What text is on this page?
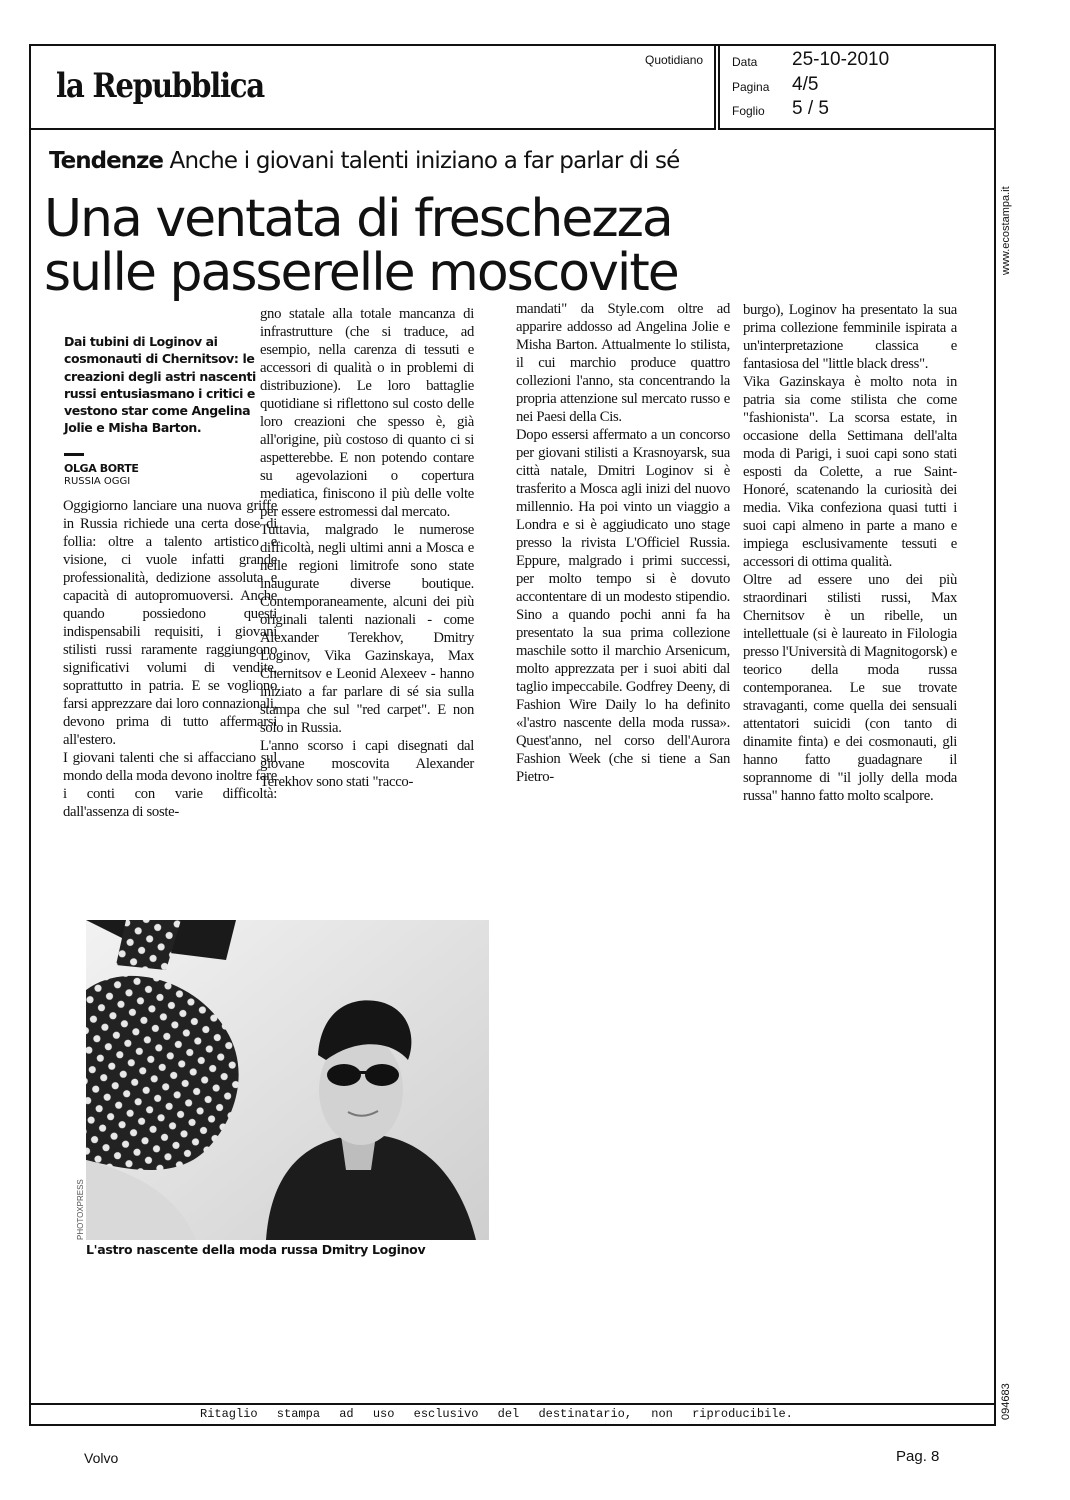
la Repubblica
Quotidiano Data 25-10-2010
Pagina 4/5
Foglio 5 / 5
www.ecostampa.it
094683
Tendenze Anche i giovani talenti iniziano a far parlar di sé
Una ventata di freschezza
sulle passerelle moscovite
Dai tubini di Loginov ai cosmonauti di Chernitsov: le creazioni degli astri nascenti russi entusiasmano i critici e vestono star come Angelina Jolie e Misha Barton.
OLGA BORTE
RUSSIA OGGI

Oggigiorno lanciare una nuova griffe in Russia richiede una certa dose di follia: oltre a talento artistico e visione, ci vuole infatti grande professionalità, dedizione assoluta e capacità di autopromuoversi. Anche quando possiedono questi indispensabili requisiti, i giovani stilisti russi raramente raggiungono significativi volumi di vendite, soprattutto in patria. E se vogliono farsi apprezzare dai loro connazionali, devono prima di tutto affermarsi all'estero.

I giovani talenti che si affacciano sul mondo della moda devono inoltre fare i conti con varie difficoltà: dall'assenza di soste-

gno statale alla totale mancanza di infrastrutture (che si traduce, ad esempio, nella carenza di tessuti e accessori di qualità o in problemi di distribuzione). Le loro battaglie quotidiane si riflettono sul costo delle loro creazioni che spesso è, già all'origine, più costoso di quanto ci si aspetterebbe. E non potendo contare su agevolazioni o copertura mediatica, finiscono il più delle volte per essere estromessi dal mercato.

Tuttavia, malgrado le numerose difficoltà, negli ultimi anni a Mosca e nelle regioni limitrofe sono state inaugurate diverse boutique. Contemporaneamente, alcuni dei più originali talenti nazionali - come Alexander Terekhov, Dmitry Loginov, Vika Gazinskaya, Max Chernitsov e Leonid Alexeev - hanno iniziato a far parlare di sé sia sulla stampa che sul "red carpet". E non solo in Russia.

L'anno scorso i capi disegnati dal giovane moscovita Alexander Terekhov sono stati "racco-

mandati" da Style.com oltre ad apparire addosso ad Angelina Jolie e Misha Barton. Attualmente lo stilista, il cui marchio produce quattro collezioni l'anno, sta concentrando la propria attenzione sul mercato russo e nei Paesi della Cis.

Dopo essersi affermato a un concorso per giovani stilisti a Krasnoyarsk, sua città natale, Dmitri Loginov si è trasferito a Mosca agli inizi del nuovo millennio. Ha poi vinto un viaggio a Londra e si è aggiudicato uno stage presso la rivista L'Officiel Russia. Eppure, malgrado i primi successi, per molto tempo si è dovuto accontentare di un modesto stipendio. Sino a quando pochi anni fa ha presentato la sua prima collezione maschile sotto il marchio Arsenicum, molto apprezzata per i suoi abiti dal taglio impeccabile. Godfrey Deeny, di Fashion Wire Daily lo ha definito «l'astro nascente della moda russa». Quest'anno, nel corso dell'Aurora Fashion Week (che si tiene a San Pietro-

burgo), Loginov ha presentato la sua prima collezione femminile ispirata a un'interpretazione classica e fantasiosa del "little black dress".

Vika Gazinskaya è molto nota in patria sia come stilista che come "fashionista". La scorsa estate, in occasione della Settimana dell'alta moda di Parigi, i suoi capi sono stati esposti da Colette, a rue Saint-Honoré, scatenando la curiosità dei media. Vika confeziona quasi tutti i suoi capi almeno in parte a mano e impiega esclusivamente tessuti e accessori di ottima qualità.

Oltre ad essere uno dei più straordinari stilisti russi, Max Chernitsov è un ribelle, un intellettuale (si è laureato in Filologia presso l'Università di Magnitogorsk) e teorico della moda russa contemporanea. Le sue trovate stravaganti, come quella dei sensuali attentatori suicidi (con tanto di dinamite finta) e dei cosmonauti, gli hanno fatto guadagnare il soprannome di "il jolly della moda russa" hanno fatto molto scalpore.

PHOTOXPRESS
L'astro nascente della moda russa Dmitry Loginov
Ritaglio stampa ad uso esclusivo del destinatario, non riproducibile.
Volvo	Pag. 8
